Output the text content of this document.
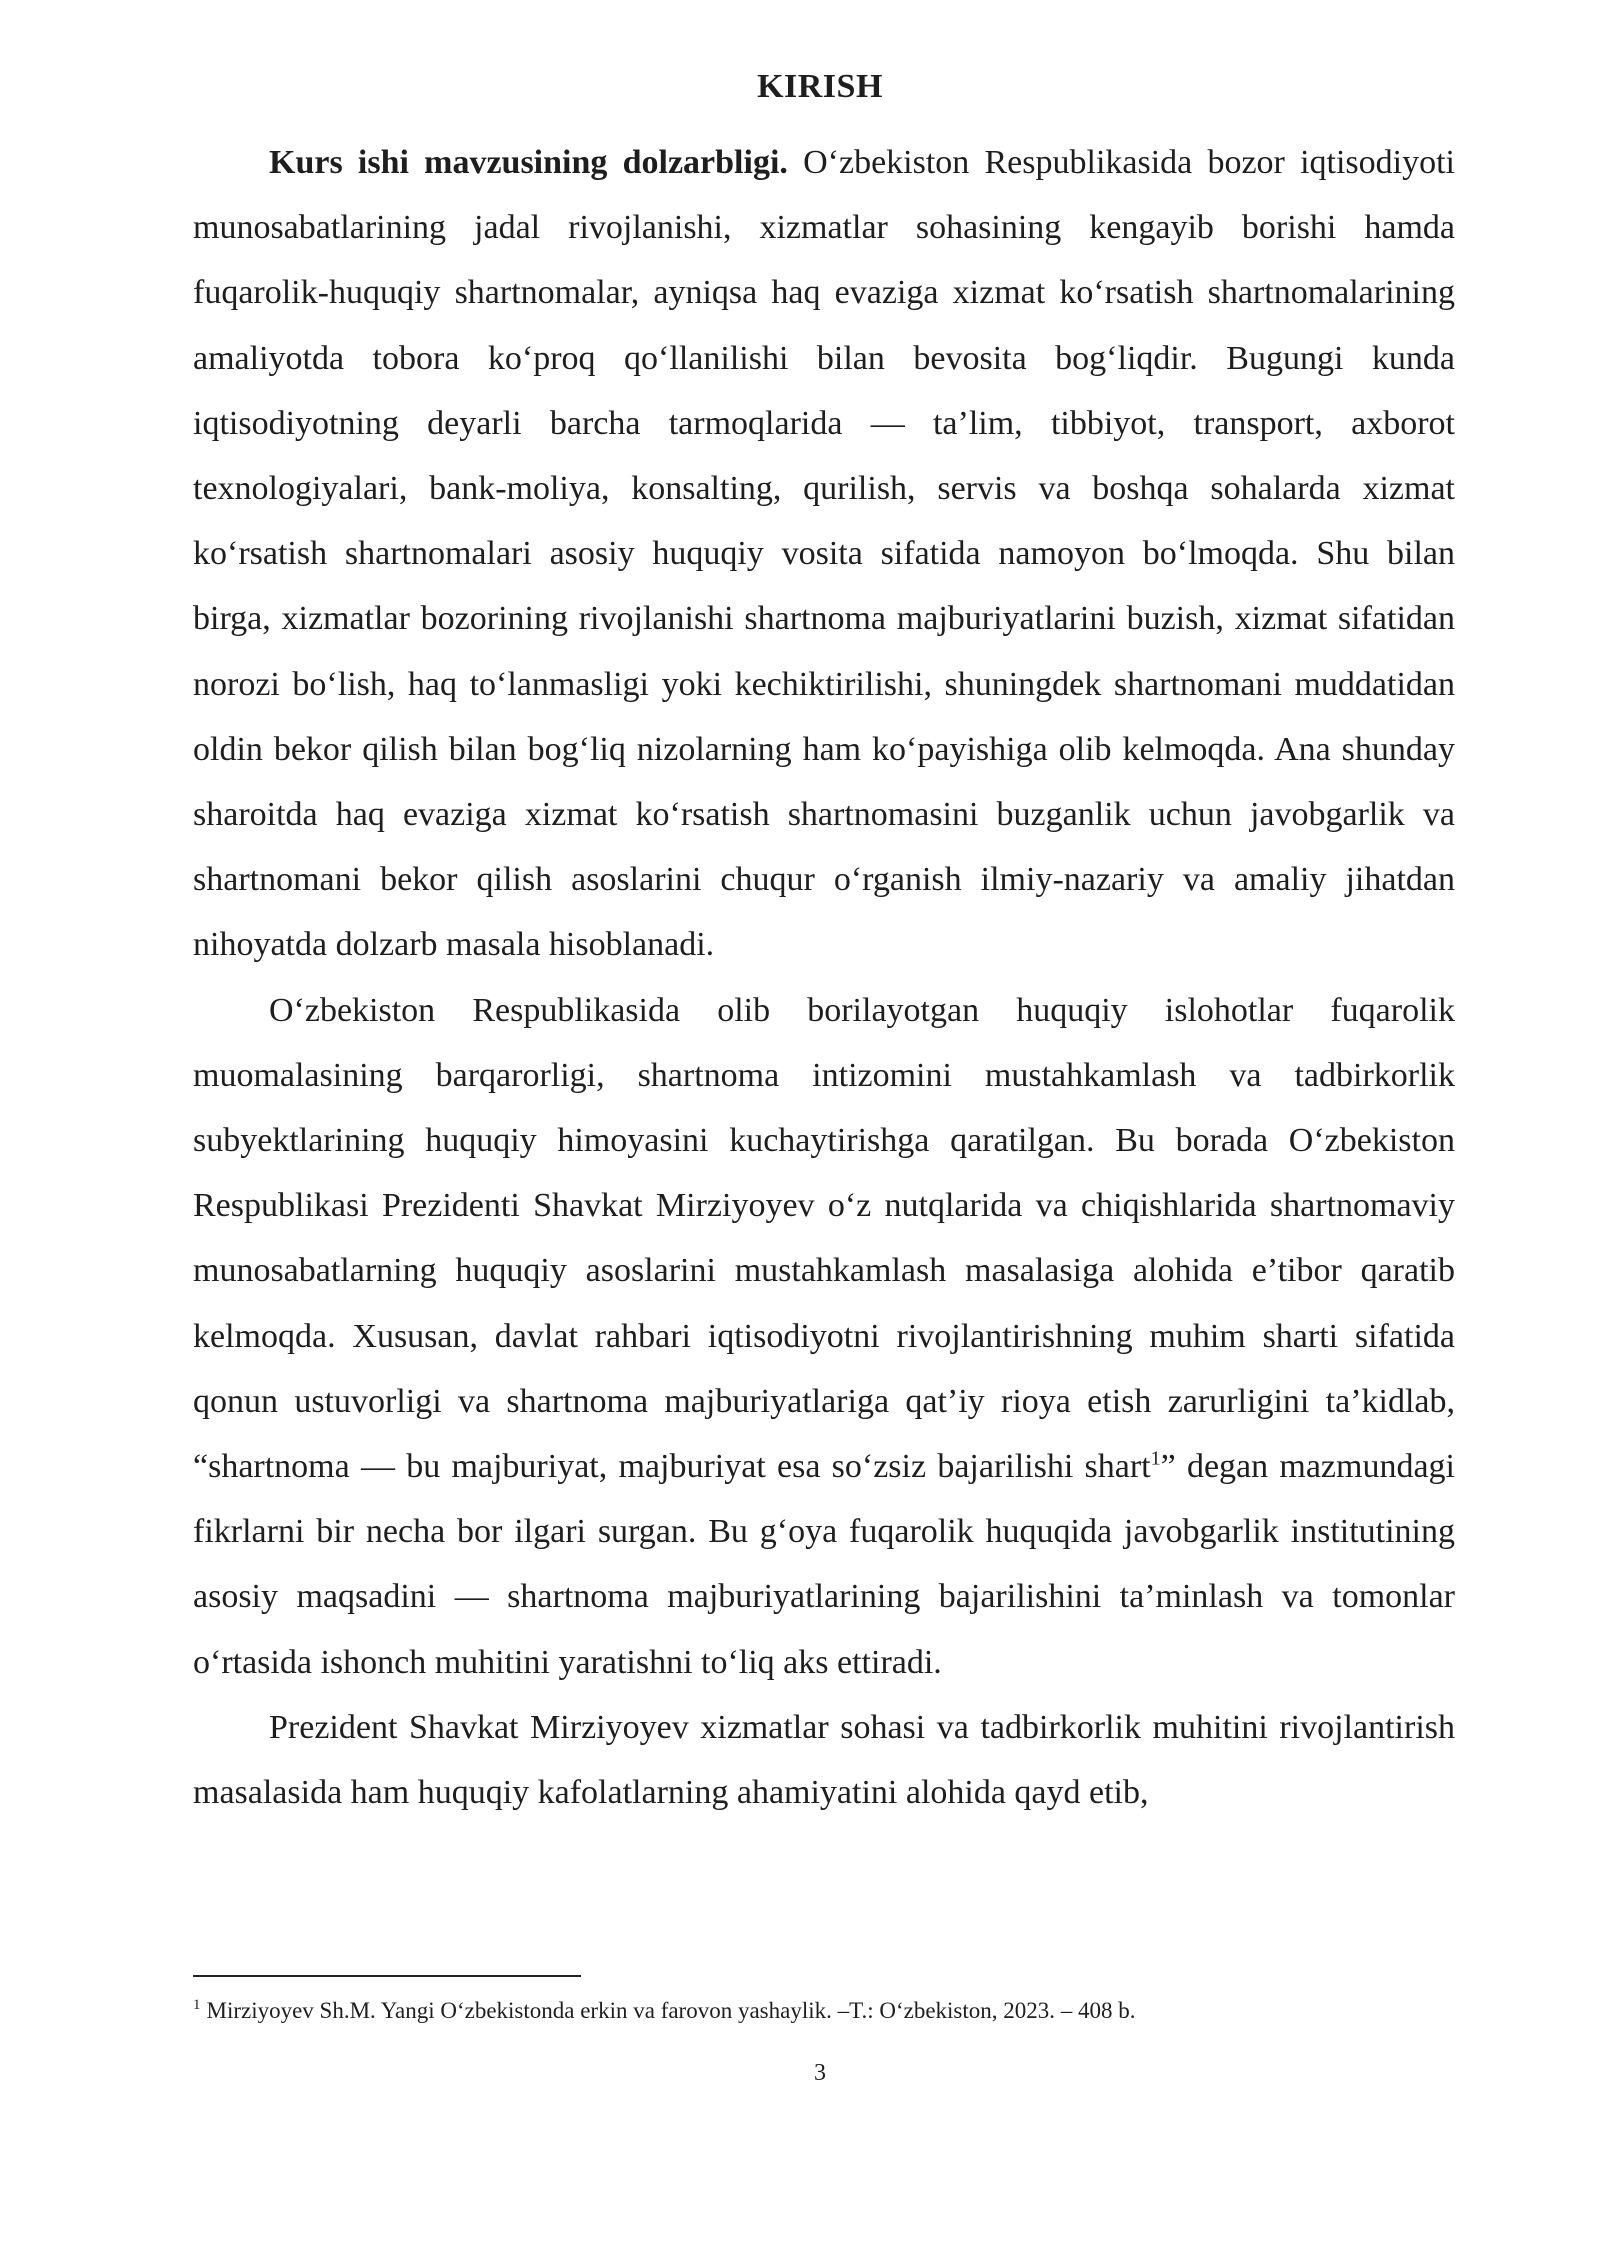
KIRISH

Kurs ishi mavzusining dolzarbligi. O‘zbekiston Respublikasida bozor iqtisodiyoti munosabatlarining jadal rivojlanishi, xizmatlar sohasining kengayib borishi hamda fuqarolik-huquqiy shartnomalar, ayniqsa haq evaziga xizmat ko‘rsatish shartnomalarining amaliyotda tobora ko‘proq qo‘llanilishi bilan bevosita bog‘liqdir. Bugungi kunda iqtisodiyotning deyarli barcha tarmoqlarida — ta’lim, tibbiyot, transport, axborot texnologiyalari, bank-moliya, konsalting, qurilish, servis va boshqa sohalarda xizmat ko‘rsatish shartnomalari asosiy huquqiy vosita sifatida namoyon bo‘lmoqda. Shu bilan birga, xizmatlar bozorining rivojlanishi shartnoma majburiyatlarini buzish, xizmat sifatidan norozi bo‘lish, haq to‘lanmasligi yoki kechiktirilishi, shuningdek shartnomani muddatidan oldin bekor qilish bilan bog‘liq nizolarning ham ko‘payishiga olib kelmoqda. Ana shunday sharoitda haq evaziga xizmat ko‘rsatish shartnomasini buzganlik uchun javobgarlik va shartnomani bekor qilish asoslarini chuqur o‘rganish ilmiy-nazariy va amaliy jihatdan nihoyatda dolzarb masala hisoblanadi.

O‘zbekiston Respublikasida olib borilayotgan huquqiy islohotlar fuqarolik muomalasining barqarorligi, shartnoma intizomini mustahkamlash va tadbirkorlik subyektlarining huquqiy himoyasini kuchaytirishga qaratilgan. Bu borada O‘zbekiston Respublikasi Prezidenti Shavkat Mirziyoyev o‘z nutqlarida va chiqishlarida shartnomaviy munosabatlarning huquqiy asoslarini mustahkamlash masalasiga alohida e’tibor qaratib kelmoqda. Xususan, davlat rahbari iqtisodiyotni rivojlantirishning muhim sharti sifatida qonun ustuvorligi va shartnoma majburiyatlariga qat’iy rioya etish zarurligini ta’kidlab, “shartnoma — bu majburiyat, majburiyat esa so‘zsiz bajarilishi shart$^1$” degan mazmundagi fikrlarni bir necha bor ilgari surgan. Bu g‘oya fuqarolik huquqida javobgarlik institutining asosiy maqsadini — shartnoma majburiyatlarining bajarilishini ta’minlash va tomonlar o‘rtasida ishonch muhitini yaratishni to‘liq aks ettiradi.

Prezident Shavkat Mirziyoyev xizmatlar sohasi va tadbirkorlik muhitini rivojlantirish masalasida ham huquqiy kafolatlarning ahamiyatini alohida qayd etib,

$^1$ Mirziyoyev Sh.M. Yangi O‘zbekistonda erkin va farovon yashaylik. –T.: O‘zbekiston, 2023. – 408 b.

3
